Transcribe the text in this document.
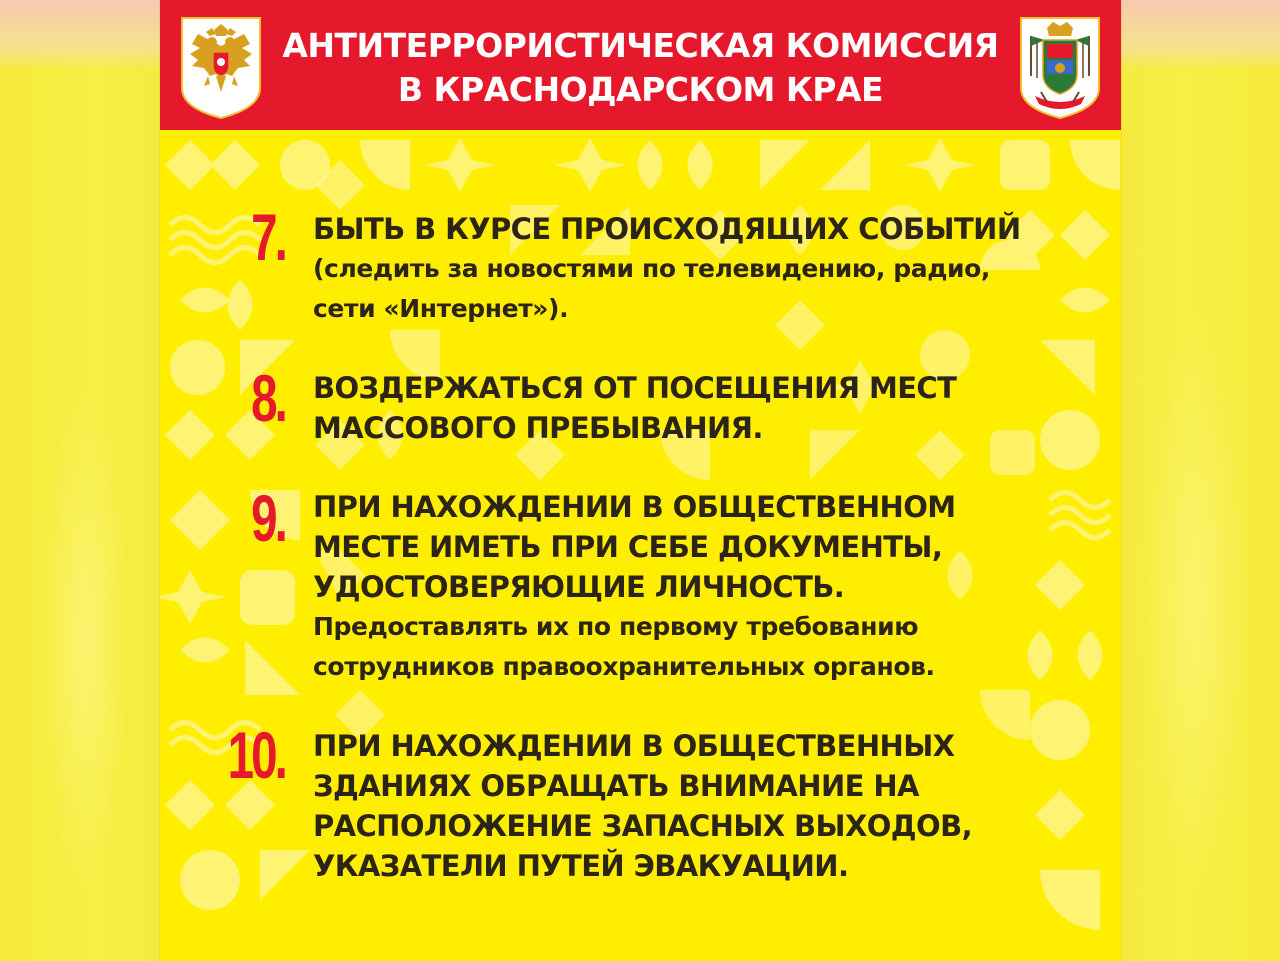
АНТИТЕРРОРИСТИЧЕСКАЯ КОМИССИЯ
В КРАСНОДАРСКОМ КРАЕ
7. БЫТЬ В КУРСЕ ПРОИСХОДЯЩИХ СОБЫТИЙ
(следить за новостями по телевидению, радио,
сети «Интернет»).
8. ВОЗДЕРЖАТЬСЯ ОТ ПОСЕЩЕНИЯ МЕСТ
МАССОВОГО ПРЕБЫВАНИЯ.
9. ПРИ НАХОЖДЕНИИ В ОБЩЕСТВЕННОМ
МЕСТЕ ИМЕТЬ ПРИ СЕБЕ ДОКУМЕНТЫ,
УДОСТОВЕРЯЮЩИЕ ЛИЧНОСТЬ.
Предоставлять их по первому требованию
сотрудников правоохранительных органов.
10. ПРИ НАХОЖДЕНИИ В ОБЩЕСТВЕННЫХ
ЗДАНИЯХ ОБРАЩАТЬ ВНИМАНИЕ НА
РАСПОЛОЖЕНИЕ ЗАПАСНЫХ ВЫХОДОВ,
УКАЗАТЕЛИ ПУТЕЙ ЭВАКУАЦИИ.
